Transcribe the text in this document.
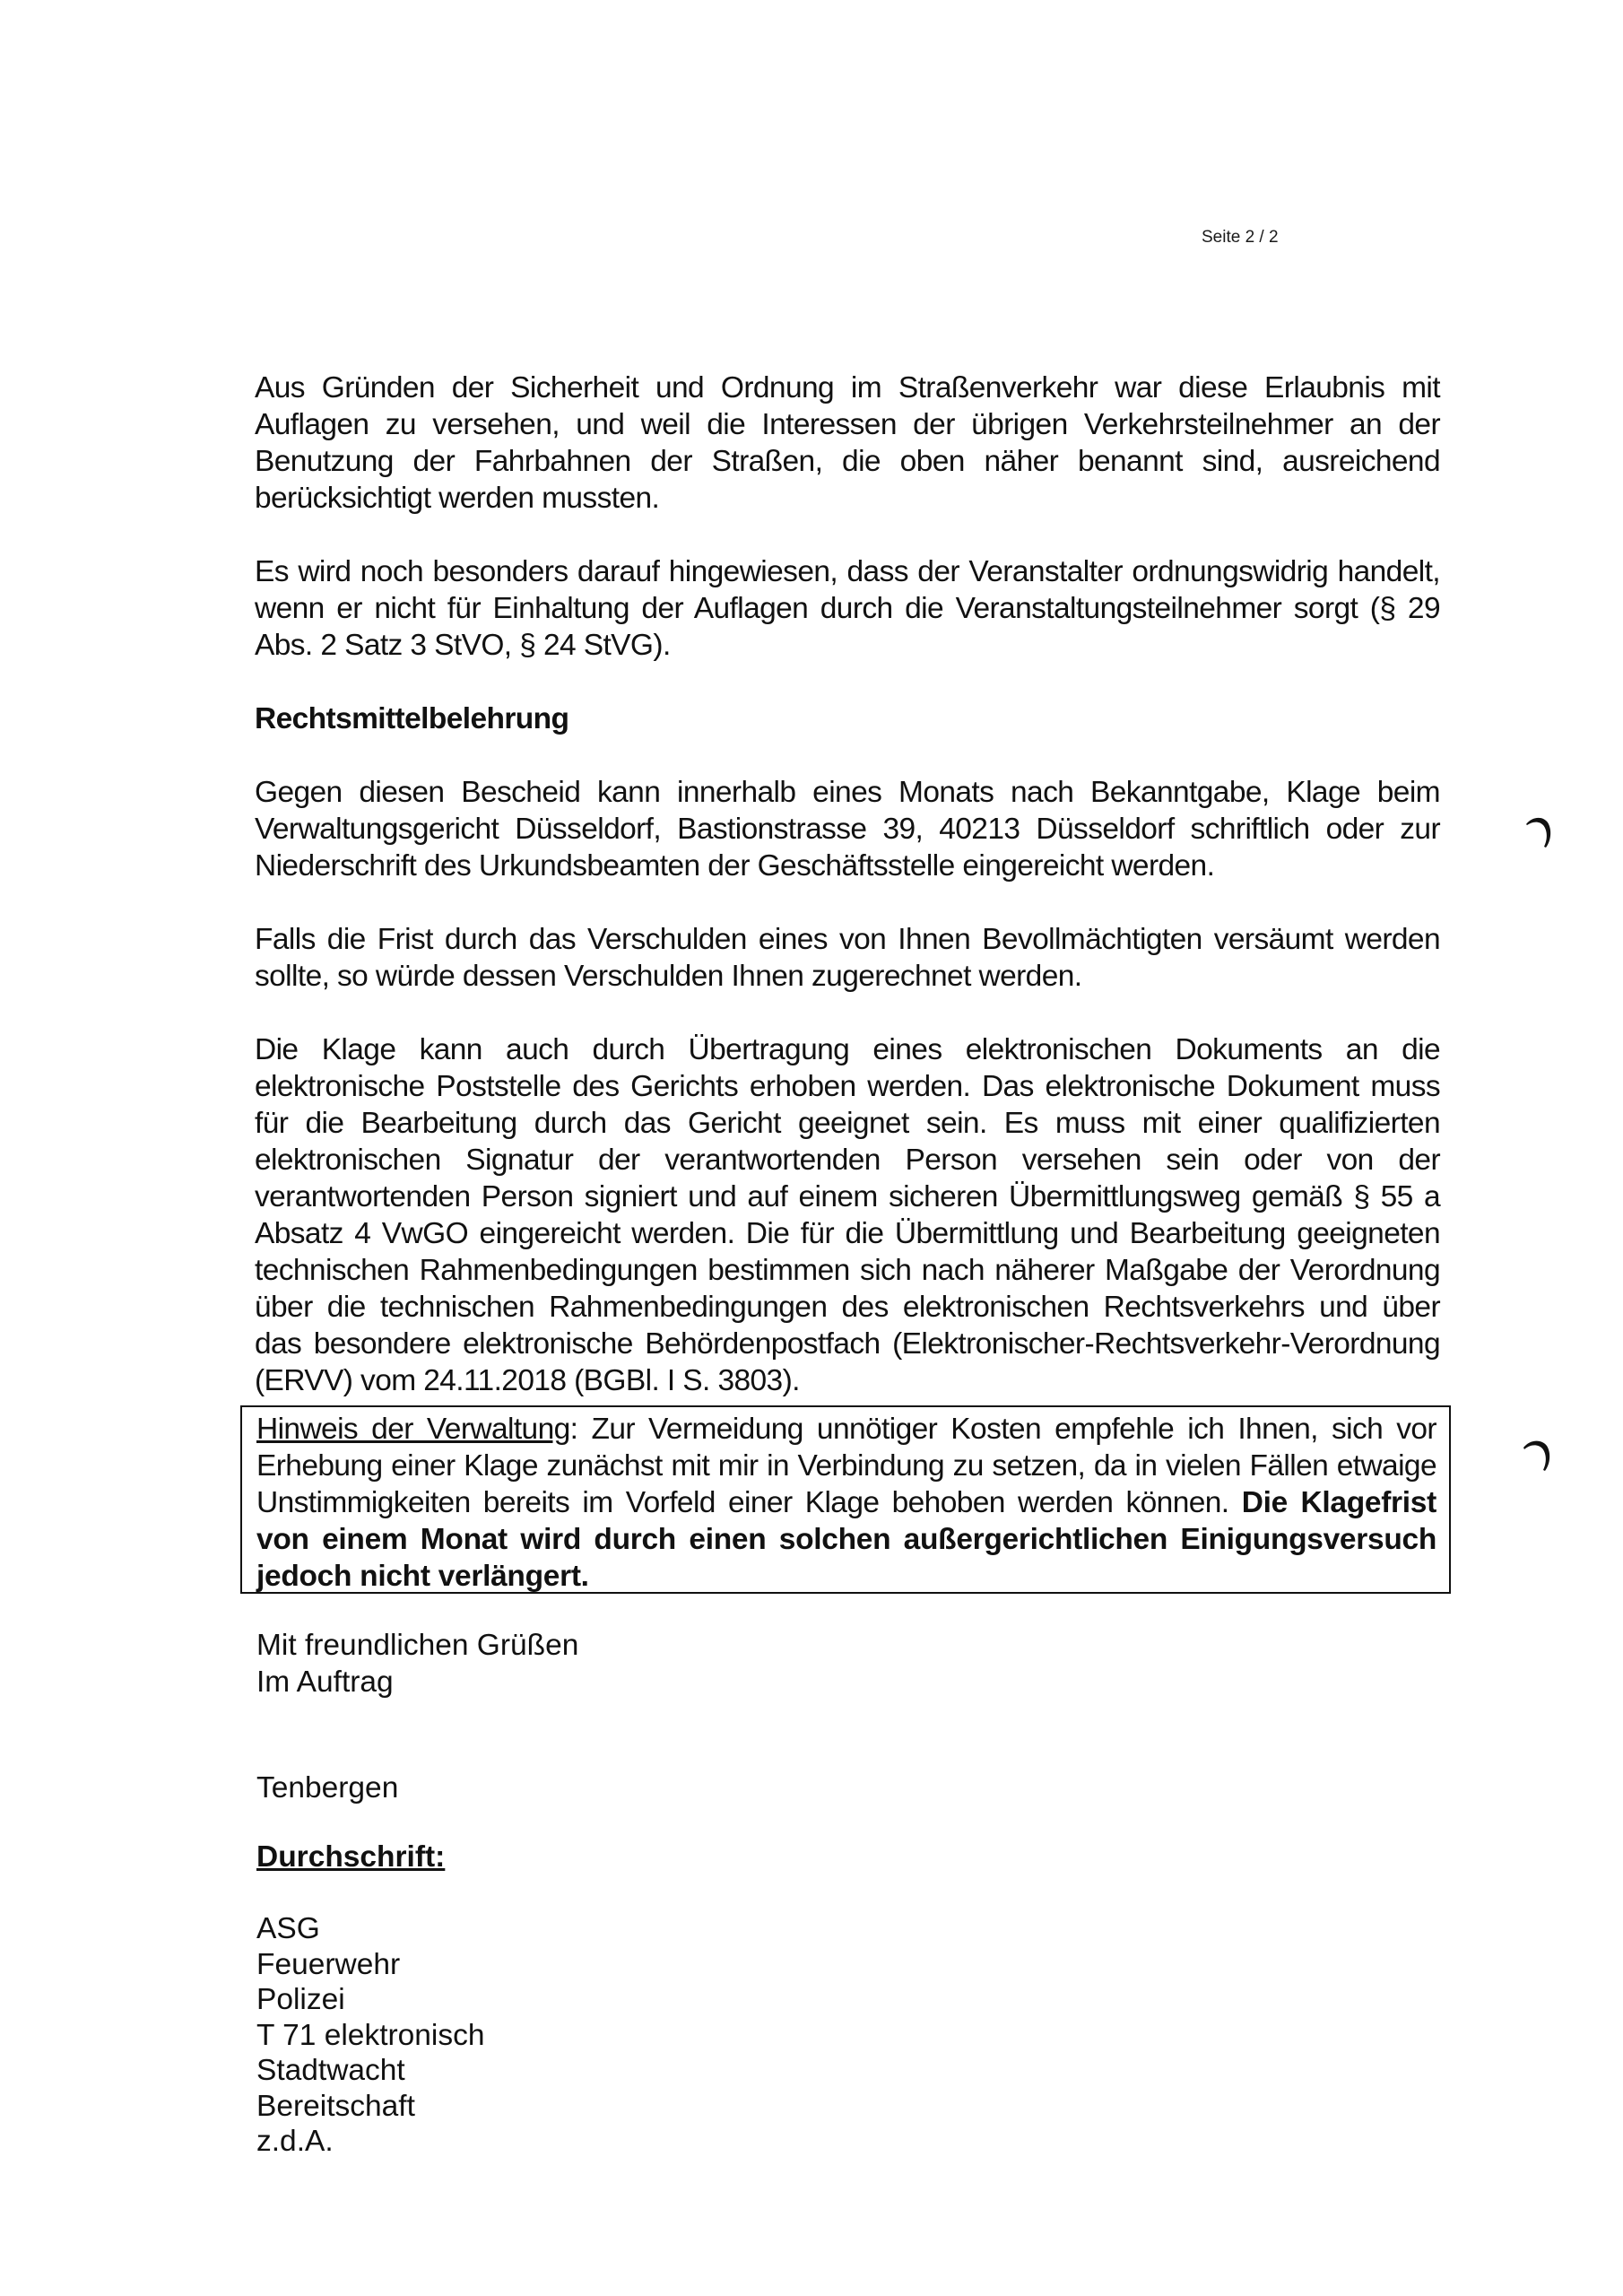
Seite 2 / 2

Aus Gründen der Sicherheit und Ordnung im Straßenverkehr war diese Erlaubnis mit Auflagen zu versehen, und weil die Interessen der übrigen Verkehrsteilnehmer an der Benutzung der Fahrbahnen der Straßen, die oben näher benannt sind, ausreichend berücksichtigt werden mussten.

Es wird noch besonders darauf hingewiesen, dass der Veranstalter ordnungswidrig handelt, wenn er nicht für Einhaltung der Auflagen durch die Veranstaltungsteilnehmer sorgt (§ 29 Abs. 2 Satz 3 StVO, § 24 StVG).

Rechtsmittelbelehrung

Gegen diesen Bescheid kann innerhalb eines Monats nach Bekanntgabe, Klage beim Verwaltungsgericht Düsseldorf, Bastionstrasse 39, 40213 Düsseldorf schriftlich oder zur Niederschrift des Urkundsbeamten der Geschäftsstelle eingereicht werden.

Falls die Frist durch das Verschulden eines von Ihnen Bevollmächtigten versäumt werden sollte, so würde dessen Verschulden Ihnen zugerechnet werden.

Die Klage kann auch durch Übertragung eines elektronischen Dokuments an die elektronische Poststelle des Gerichts erhoben werden. Das elektronische Dokument muss für die Bearbeitung durch das Gericht geeignet sein. Es muss mit einer qualifizierten elektronischen Signatur der verantwortenden Person versehen sein oder von der verantwortenden Person signiert und auf einem sicheren Übermittlungsweg gemäß § 55 a Absatz 4 VwGO eingereicht werden. Die für die Übermittlung und Bearbeitung geeigneten technischen Rahmenbedingungen bestimmen sich nach näherer Maßgabe der Verordnung über die technischen Rahmenbedingungen des elektronischen Rechtsverkehrs und über das besondere elektronische Behördenpostfach (Elektronischer-Rechtsverkehr-Verordnung (ERVV) vom 24.11.2018 (BGBl. I S. 3803).

Hinweis der Verwaltung: Zur Vermeidung unnötiger Kosten empfehle ich Ihnen, sich vor Erhebung einer Klage zunächst mit mir in Verbindung zu setzen, da in vielen Fällen etwaige Unstimmigkeiten bereits im Vorfeld einer Klage behoben werden können. Die Klagefrist von einem Monat wird durch einen solchen außergerichtlichen Einigungsversuch jedoch nicht verlängert.
Mit freundlichen Grüßen
Im Auftrag
Tenbergen
Durchschrift:
ASG
Feuerwehr
Polizei
T 71 elektronisch
Stadtwacht
Bereitschaft
z.d.A.
